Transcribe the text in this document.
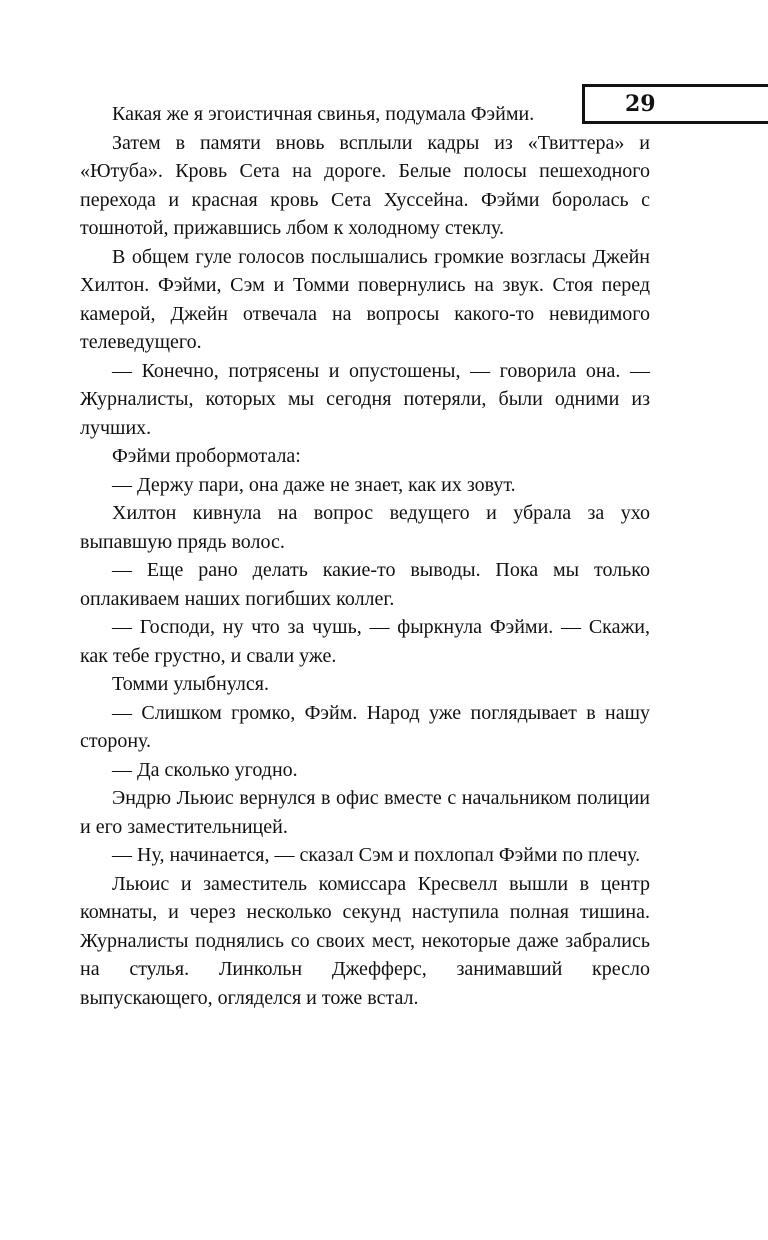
29

Какая же я эгоистичная свинья, подумала Фэйми.

Затем в памяти вновь всплыли кадры из «Твиттера» и «Ютуба». Кровь Сета на дороге. Белые полосы пешеходного перехода и красная кровь Сета Хуссейна. Фэйми боролась с тошнотой, прижавшись лбом к холодному стеклу.

В общем гуле голосов послышались громкие возгласы Джейн Хилтон. Фэйми, Сэм и Томми повернулись на звук. Стоя перед камерой, Джейн отвечала на вопросы какого-то невидимого телеведущего.

— Конечно, потрясены и опустошены, — говорила она. — Журналисты, которых мы сегодня потеряли, были одними из лучших.

Фэйми пробормотала:

— Держу пари, она даже не знает, как их зовут.

Хилтон кивнула на вопрос ведущего и убрала за ухо выпавшую прядь волос.

— Еще рано делать какие-то выводы. Пока мы только оплакиваем наших погибших коллег.

— Господи, ну что за чушь, — фыркнула Фэйми. — Скажи, как тебе грустно, и свали уже.

Томми улыбнулся.

— Слишком громко, Фэйм. Народ уже поглядывает в нашу сторону.

— Да сколько угодно.

Эндрю Льюис вернулся в офис вместе с начальником полиции и его заместительницей.

— Ну, начинается, — сказал Сэм и похлопал Фэйми по плечу.

Льюис и заместитель комиссара Кресвелл вышли в центр комнаты, и через несколько секунд наступила полная тишина. Журналисты поднялись со своих мест, некоторые даже забрались на стулья. Линкольн Джефферс, занимавший кресло выпускающего, огляделся и тоже встал.
